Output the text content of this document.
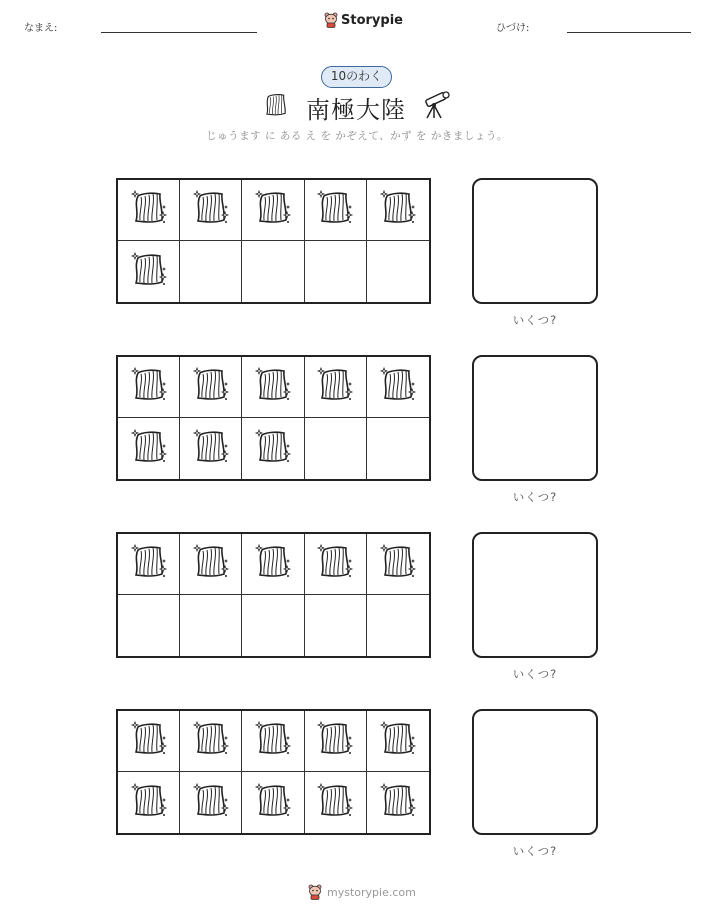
なまえ:
Storypie
ひづけ:
10のわく
南極大陸
じゅうます に ある え を かぞえて、かず を かきましょう。
いくつ?
いくつ?
いくつ?
いくつ?
mystorypie.com
